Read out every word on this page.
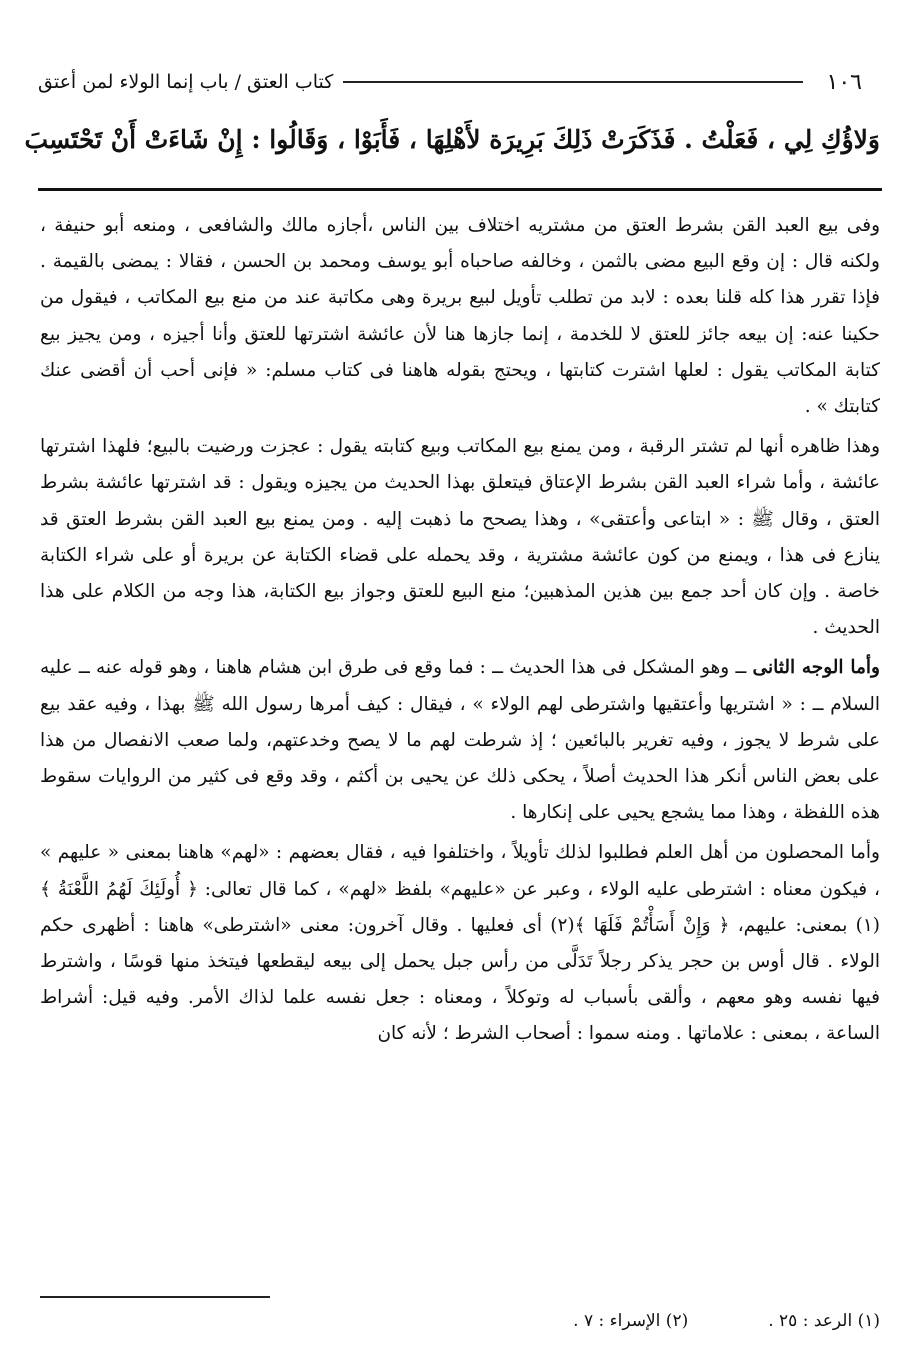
١٠٦
كتاب العتق / باب إنما الولاء لمن أعتق
وَلاؤُكِ لِي ، فَعَلْتُ . فَذَكَرَتْ ذَلِكَ بَرِيرَة لأَهْلِهَا ، فَأَبَوْا ، وَقَالُوا : إِنْ شَاءَتْ أَنْ تَحْتَسِبَ

وفى بيع العبد القن بشرط العتق من مشتريه اختلاف بين الناس ،أجازه مالك والشافعى ، ومنعه أبو حنيفة ، ولكنه قال : إن وقع البيع مضى بالثمن ، وخالفه صاحباه أبو يوسف ومحمد بن الحسن ، فقالا : يمضى بالقيمة . فإذا تقرر هذا كله قلنا بعده : لابد من تطلب تأويل لبيع بريرة وهى مكاتبة عند من منع بيع المكاتب ، فيقول من حكينا عنه: إن بيعه جائز للعتق لا للخدمة ، إنما جازها هنا لأن عائشة اشترتها للعتق وأنا أجيزه ، ومن يجيز بيع كتابة المكاتب يقول : لعلها اشترت كتابتها ، ويحتج بقوله هاهنا فى كتاب مسلم: « فإنى أحب أن أقضى عنك كتابتك » .

وهذا ظاهره أنها لم تشتر الرقبة ، ومن يمنع بيع المكاتب وبيع كتابته يقول : عجزت ورضيت بالبيع؛ فلهذا اشترتها عائشة ، وأما شراء العبد القن بشرط الإعتاق فيتعلق بهذا الحديث من يجيزه ويقول : قد اشترتها عائشة بشرط العتق ، وقال ﷺ : « ابتاعى وأعتقى» ، وهذا يصحح ما ذهبت إليه . ومن يمنع بيع العبد القن بشرط العتق قد ينازع فى هذا ، ويمنع من كون عائشة مشترية ، وقد يحمله على قضاء الكتابة عن بريرة أو على شراء الكتابة خاصة . وإن كان أحد جمع بين هذين المذهبين؛ منع البيع للعتق وجواز بيع الكتابة، هذا وجه من الكلام على هذا الحديث .

وأما الوجه الثانى ــ وهو المشكل فى هذا الحديث ــ : فما وقع فى طرق ابن هشام هاهنا ، وهو قوله عنه ــ عليه السلام ــ : « اشتريها وأعتقيها واشترطى لهم الولاء » ، فيقال : كيف أمرها رسول الله ﷺ بهذا ، وفيه عقد بيع على شرط لا يجوز ، وفيه تغرير بالبائعين ؛ إذ شرطت لهم ما لا يصح وخدعتهم، ولما صعب الانفصال من هذا على بعض الناس أنكر هذا الحديث أصلاً ، يحكى ذلك عن يحيى بن أكثم ، وقد وقع فى كثير من الروايات سقوط هذه اللفظة ، وهذا مما يشجع يحيى على إنكارها .

وأما المحصلون من أهل العلم فطلبوا لذلك تأويلاً ، واختلفوا فيه ، فقال بعضهم : «لهم» هاهنا بمعنى « عليهم » ، فيكون معناه : اشترطى عليه الولاء ، وعبر عن «عليهم» بلفظ «لهم» ، كما قال تعالى: ﴿ أُولَئِكَ لَهُمُ اللَّعْنَةُ ﴾(١) بمعنى: عليهم، ﴿ وَإِنْ أَسَأْتُمْ فَلَهَا ﴾(٢) أى فعليها . وقال آخرون: معنى «اشترطى» هاهنا : أظهرى حكم الولاء . قال أوس بن حجر يذكر رجلاً تَدَلَّى من رأس جبل يحمل إلى بيعه ليقطعها فيتخذ منها قوسًا ، واشترط فيها نفسه وهو معهم ، وألقى بأسباب له وتوكلاً ، ومعناه : جعل نفسه علما لذاك الأمر. وفيه قيل: أشراط الساعة ، بمعنى : علاماتها . ومنه سموا : أصحاب الشرط ؛ لأنه كان

(١) الرعد : ٢٥ .
(٢) الإسراء : ٧ .
